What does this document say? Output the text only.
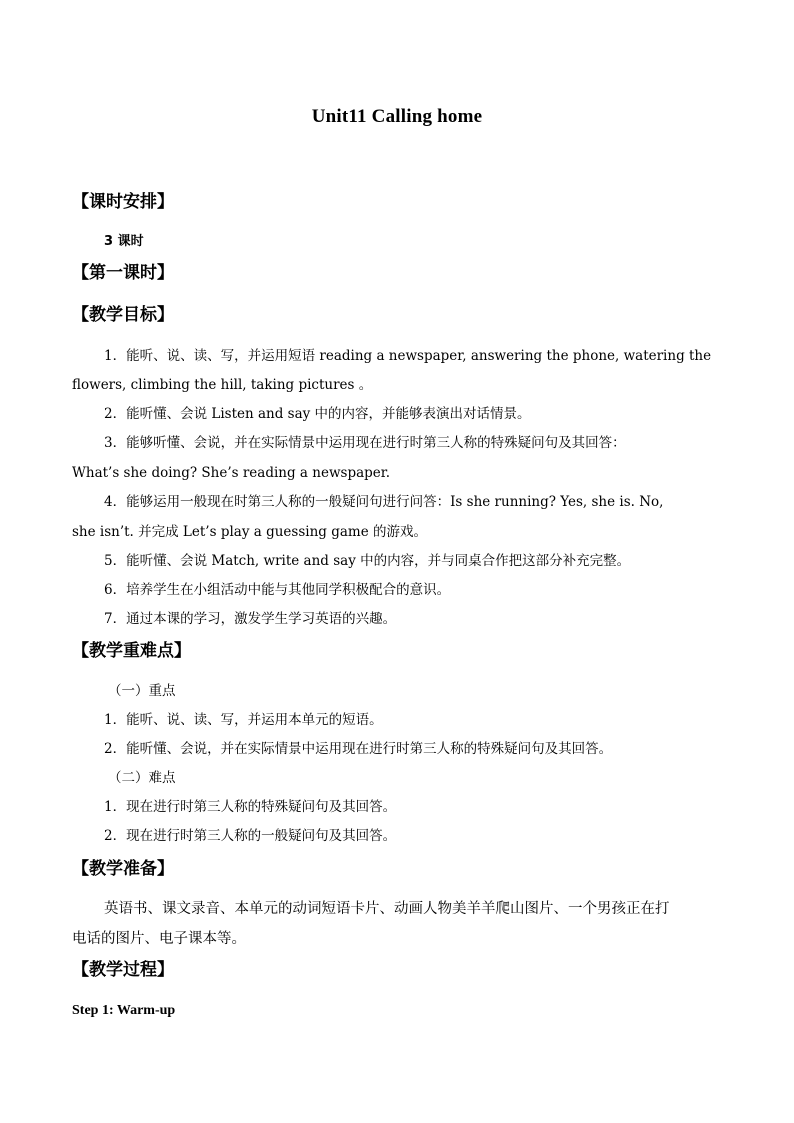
Unit11 Calling home
【课时安排】
3 课时
【第一课时】
【教学目标】
1．能听、说、读、写，并运用短语 reading a newspaper, answering the phone, watering the
flowers, climbing the hill, taking pictures 。
2．能听懂、会说 Listen and say 中的内容，并能够表演出对话情景。
3．能够听懂、会说，并在实际情景中运用现在进行时第三人称的特殊疑问句及其回答：
What’s she doing? She’s reading a newspaper.
4．能够运用一般现在时第三人称的一般疑问句进行问答：Is she running? Yes, she is. No,
she isn’t. 并完成 Let’s play a guessing game 的游戏。
5．能听懂、会说 Match, write and say 中的内容，并与同桌合作把这部分补充完整。
6．培养学生在小组活动中能与其他同学积极配合的意识。
7．通过本课的学习，激发学生学习英语的兴趣。
【教学重难点】
（一）重点
1．能听、说、读、写，并运用本单元的短语。
2．能听懂、会说，并在实际情景中运用现在进行时第三人称的特殊疑问句及其回答。
（二）难点
1．现在进行时第三人称的特殊疑问句及其回答。
2．现在进行时第三人称的一般疑问句及其回答。
【教学准备】
英语书、课文录音、本单元的动词短语卡片、动画人物美羊羊爬山图片、一个男孩正在打
电话的图片、电子课本等。
【教学过程】
Step 1: Warm-up
